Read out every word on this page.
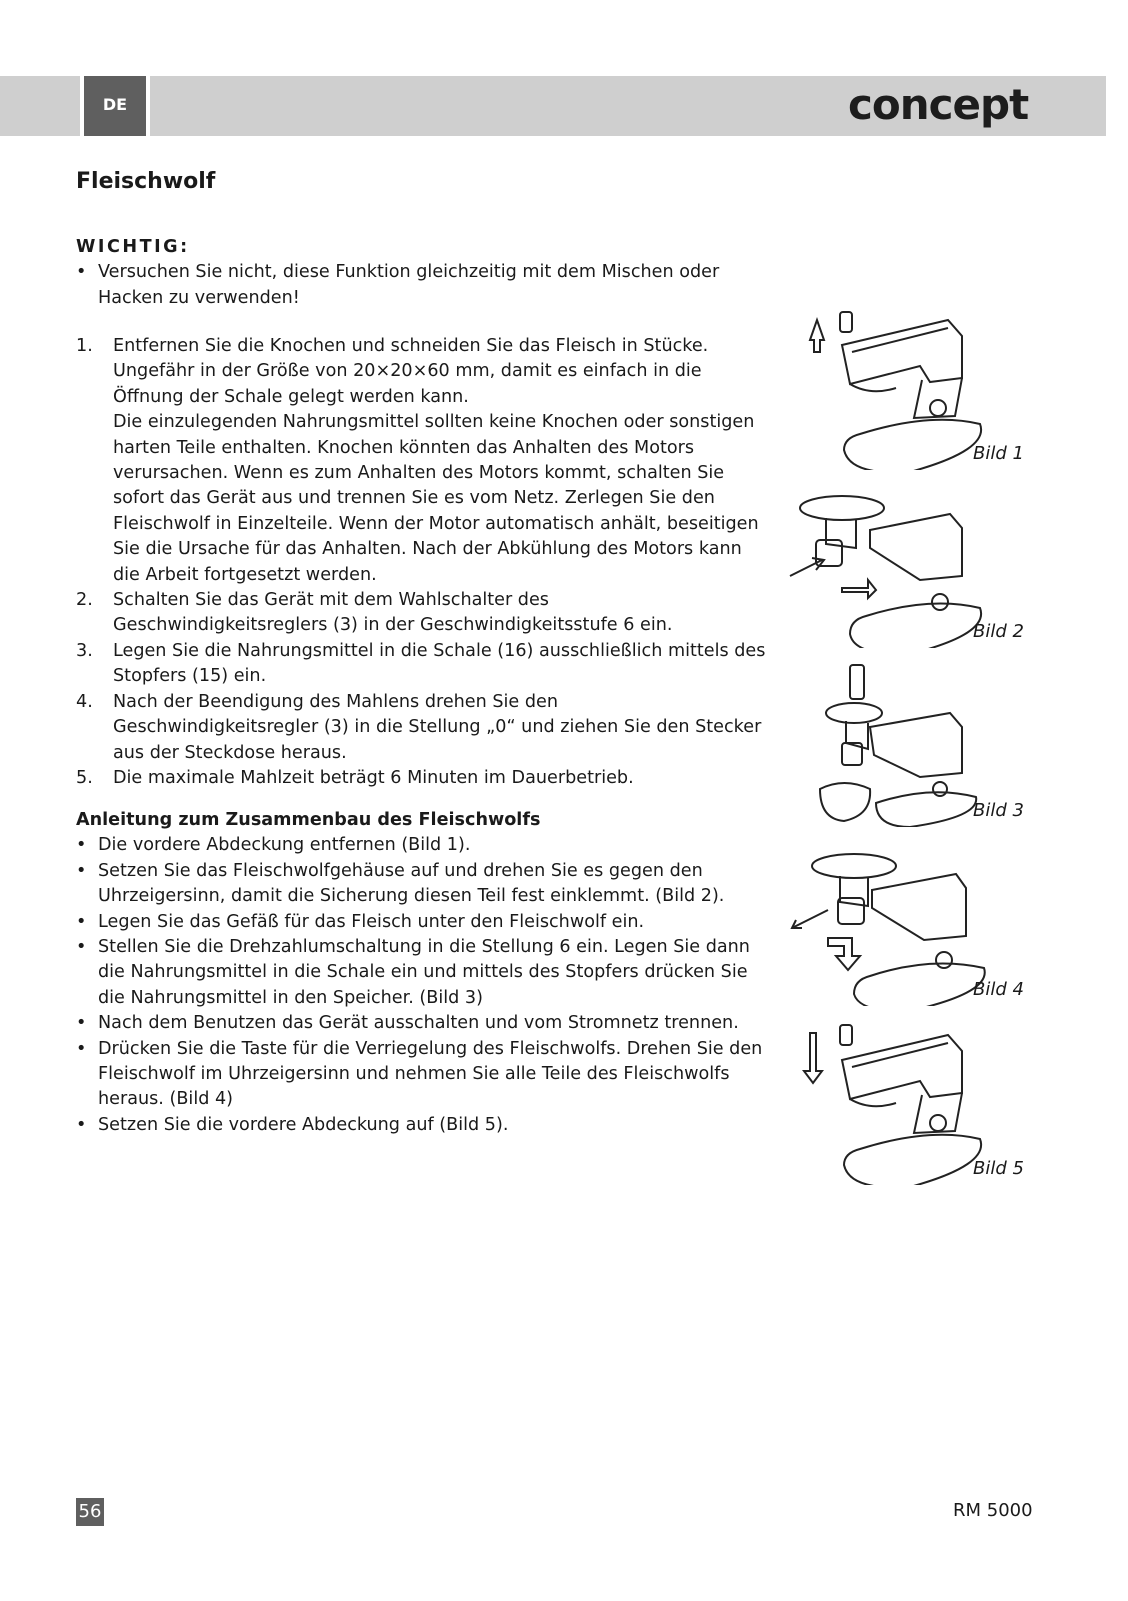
DE	concept
Fleischwolf
WICHTIG:
• Versuchen Sie nicht, diese Funktion gleichzeitig mit dem Mischen oder Hacken zu verwenden!
1.	Entfernen Sie die Knochen und schneiden Sie das Fleisch in Stücke. Ungefähr in der Größe von 20×20×60 mm, damit es einfach in die Öffnung der Schale gelegt werden kann.
Die einzulegenden Nahrungsmittel sollten keine Knochen oder sonstigen harten Teile enthalten. Knochen könnten das Anhalten des Motors verursachen. Wenn es zum Anhalten des Motors kommt, schalten Sie sofort das Gerät aus und trennen Sie es vom Netz. Zerlegen Sie den Fleischwolf in Einzelteile. Wenn der Motor automatisch anhält, beseitigen Sie die Ursache für das Anhalten. Nach der Abkühlung des Motors kann die Arbeit fortgesetzt werden.
2.	Schalten Sie das Gerät mit dem Wahlschalter des Geschwindigkeitsreglers (3) in der Geschwindigkeitsstufe 6 ein.
3.	Legen Sie die Nahrungsmittel in die Schale (16) ausschließlich mittels des Stopfers (15) ein.
4.	Nach der Beendigung des Mahlens drehen Sie den Geschwindigkeitsregler (3) in die Stellung „0“ und ziehen Sie den Stecker aus der Steckdose heraus.
5.	Die maximale Mahlzeit beträgt 6 Minuten im Dauerbetrieb.
Anleitung zum Zusammenbau des Fleischwolfs
• Die vordere Abdeckung entfernen (Bild 1).
• Setzen Sie das Fleischwolfgehäuse auf und drehen Sie es gegen den Uhrzeigersinn, damit die Sicherung diesen Teil fest einklemmt. (Bild 2).
• Legen Sie das Gefäß für das Fleisch unter den Fleischwolf ein.
• Stellen Sie die Drehzahlumschaltung in die Stellung 6 ein. Legen Sie dann die Nahrungsmittel in die Schale ein und mittels des Stopfers drücken Sie die Nahrungsmittel in den Speicher. (Bild 3)
• Nach dem Benutzen das Gerät ausschalten und vom Stromnetz trennen.
• Drücken Sie die Taste für die Verriegelung des Fleischwolfs. Drehen Sie den Fleischwolf im Uhrzeigersinn und nehmen Sie alle Teile des Fleischwolfs heraus. (Bild 4)
• Setzen Sie die vordere Abdeckung auf (Bild 5).
Bild 1
Bild 2
Bild 3
Bild 4
Bild 5
56	RM 5000
